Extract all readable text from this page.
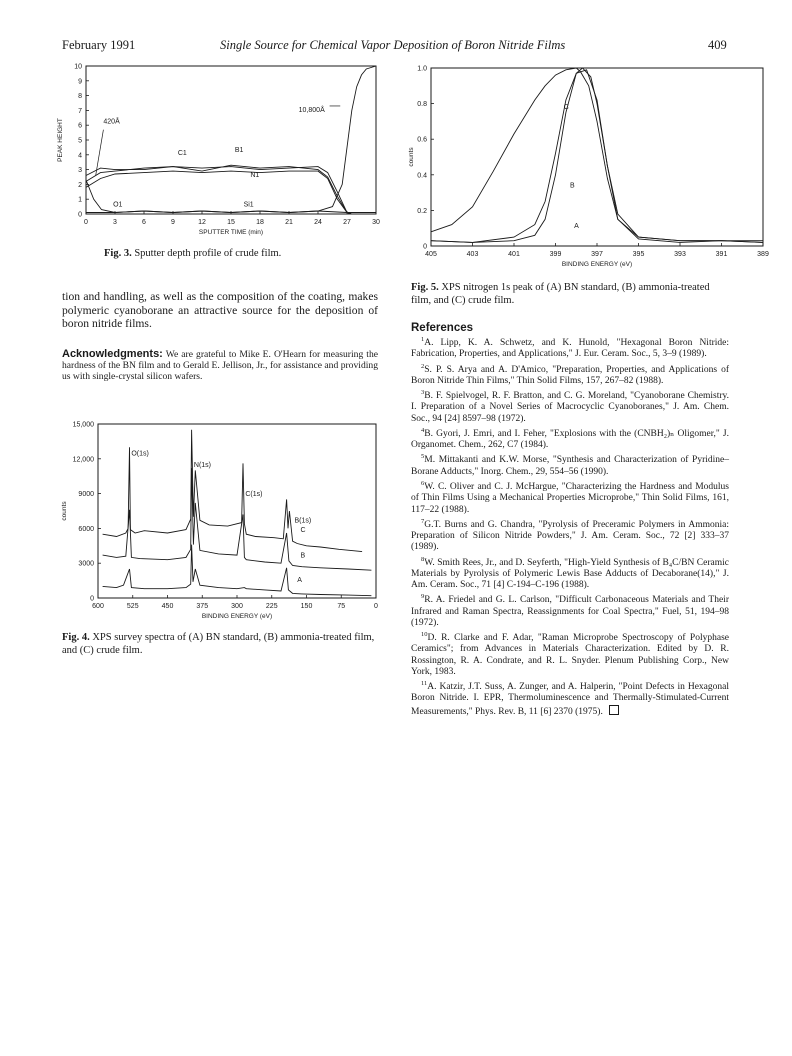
February 1991	Single Source for Chemical Vapor Deposition of Boron Nitride Films	409
0	3	6	9	12	15	18	21	24	27	30
0
1
2
3
4
5
6
7
8
9
10
SPUTTER TIME (min)
PEAK HEIGHT	420Å
10,800Å
C1	B1
N1
O1	Si1
Fig. 3. Sputter depth profile of crude film.	405	403	401	399	397	395	393	391	389
0
0.2
0.4
0.6
0.8
1.0
BINDING ENERGY (eV)
counts
C
B
A
Fig. 5. XPS nitrogen 1s peak of (A) BN standard, (B) ammonia-treated film, and (C) crude film.
tion and handling, as well as the composition of the coating, makes polymeric cyanoborane an attractive source for the deposition of boron nitride films.
Acknowledgments: We are grateful to Mike E. O'Hearn for measuring the hardness of the BN film and to Gerald E. Jellison, Jr., for assistance and providing us with single-crystal silicon wafers.
600	525	450	375	300	225	150	75	0
0
3000
6000
9000
12,000
15,000
BINDING ENERGY (eV)
counts
O(1s)
N(1s)
C(1s)
B(1s)
C
B
A
Fig. 4. XPS survey spectra of (A) BN standard, (B) ammonia-treated film, and (C) crude film.
References
$^1$A. Lipp, K. A. Schwetz, and K. Hunold, "Hexagonal Boron Nitride: Fabrication, Properties, and Applications," J. Eur. Ceram. Soc., 5, 3–9 (1989).
$^2$S. P. S. Arya and A. D'Amico, "Preparation, Properties, and Applications of Boron Nitride Thin Films," Thin Solid Films, 157, 267–82 (1988).
$^3$B. F. Spielvogel, R. F. Bratton, and C. G. Moreland, "Cyanoborane Chemistry. I. Preparation of a Novel Series of Macrocyclic Cyanoboranes," J. Am. Chem. Soc., 94 [24] 8597–98 (1972).
$^4$B. Gyori, J. Emri, and I. Feher, "Explosions with the (CNBH₂)ₙ Oligomer," J. Organomet. Chem., 262, C7 (1984).
$^5$M. Mittakanti and K.W. Morse, "Synthesis and Characterization of Pyridine–Borane Adducts," Inorg. Chem., 29, 554–56 (1990).
$^6$W. C. Oliver and C. J. McHargue, "Characterizing the Hardness and Modulus of Thin Films Using a Mechanical Properties Microprobe," Thin Solid Films, 161, 117–22 (1988).
$^7$G.T. Burns and G. Chandra, "Pyrolysis of Preceramic Polymers in Ammonia: Preparation of Silicon Nitride Powders," J. Am. Ceram. Soc., 72 [2] 333–37 (1989).
$^8$W. Smith Rees, Jr., and D. Seyferth, "High-Yield Synthesis of B₄C/BN Ceramic Materials by Pyrolysis of Polymeric Lewis Base Adducts of Decaborane(14)," J. Am. Ceram. Soc., 71 [4] C-194–C-196 (1988).
$^9$R. A. Friedel and G. L. Carlson, "Difficult Carbonaceous Materials and Their Infrared and Raman Spectra, Reassignments for Coal Spectra," Fuel, 51, 194–98 (1972).
$^{10}$D. R. Clarke and F. Adar, "Raman Microprobe Spectroscopy of Polyphase Ceramics"; from Advances in Materials Characterization. Edited by D. R. Rossington, R. A. Condrate, and R. L. Snyder. Plenum Publishing Corp., New York, 1983.
$^{11}$A. Katzir, J.T. Suss, A. Zunger, and A. Halperin, "Point Defects in Hexagonal Boron Nitride. I. EPR, Thermoluminescence and Thermally-Stimulated-Current Measurements," Phys. Rev. B, 11 [6] 2370 (1975).
